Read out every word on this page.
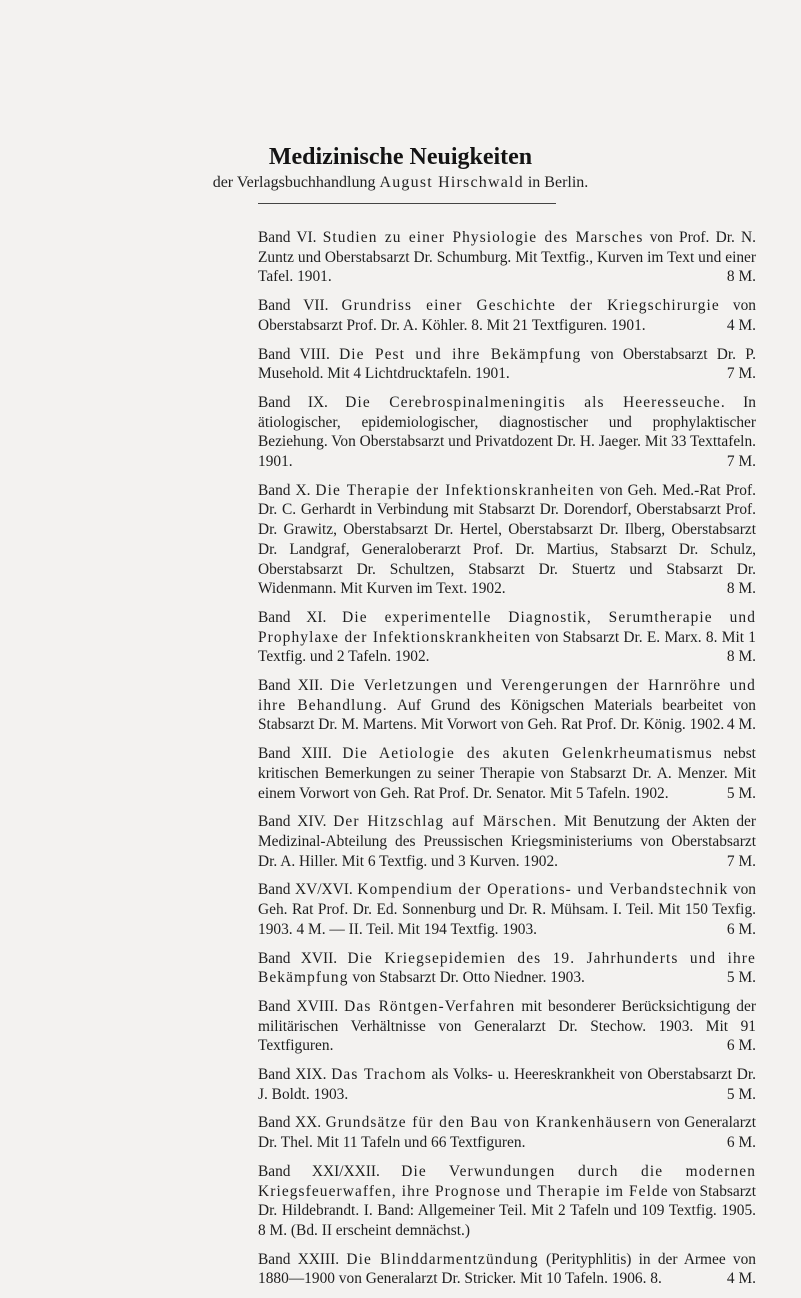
Medizinische Neuigkeiten
der Verlagsbuchhandlung August Hirschwald in Berlin.

Band VI. Studien zu einer Physiologie des Marsches von Prof. Dr. N. Zuntz und Oberstabsarzt Dr. Schumburg. Mit Textfig., Kurven im Text und einer Tafel. 1901.	8 M.

Band VII. Grundriss einer Geschichte der Kriegschirurgie von Oberstabsarzt Prof. Dr. A. Köhler. 8. Mit 21 Textfiguren. 1901.	4 M.

Band VIII. Die Pest und ihre Bekämpfung von Oberstabsarzt Dr. P. Musehold. Mit 4 Lichtdrucktafeln. 1901.	7 M.

Band IX. Die Cerebrospinalmeningitis als Heeresseuche. In ätiologischer, epidemiologischer, diagnostischer und prophylaktischer Beziehung. Von Oberstabsarzt und Privatdozent Dr. H. Jaeger. Mit 33 Texttafeln. 1901.	7 M.

Band X. Die Therapie der Infektionskranheiten von Geh. Med.-Rat Prof. Dr. C. Gerhardt in Verbindung mit Stabsarzt Dr. Dorendorf, Oberstabsarzt Prof. Dr. Grawitz, Oberstabsarzt Dr. Hertel, Oberstabsarzt Dr. Ilberg, Oberstabsarzt Dr. Landgraf, Generaloberarzt Prof. Dr. Martius, Stabsarzt Dr. Schulz, Oberstabsarzt Dr. Schultzen, Stabsarzt Dr. Stuertz und Stabsarzt Dr. Widenmann. Mit Kurven im Text. 1902.	8 M.

Band XI. Die experimentelle Diagnostik, Serumtherapie und Prophylaxe der Infektionskrankheiten von Stabsarzt Dr. E. Marx. 8. Mit 1 Textfig. und 2 Tafeln. 1902.	8 M.

Band XII. Die Verletzungen und Verengerungen der Harnröhre und ihre Behandlung. Auf Grund des Königschen Materials bearbeitet von Stabsarzt Dr. M. Martens. Mit Vorwort von Geh. Rat Prof. Dr. König. 1902. 4 M.

Band XIII. Die Aetiologie des akuten Gelenkrheumatismus nebst kritischen Bemerkungen zu seiner Therapie von Stabsarzt Dr. A. Menzer. Mit einem Vorwort von Geh. Rat Prof. Dr. Senator. Mit 5 Tafeln. 1902.	5 M.

Band XIV. Der Hitzschlag auf Märschen. Mit Benutzung der Akten der Medizinal-Abteilung des Preussischen Kriegsministeriums von Oberstabsarzt Dr. A. Hiller. Mit 6 Textfig. und 3 Kurven. 1902.	7 M.

Band XV/XVI. Kompendium der Operations- und Verbandstechnik von Geh. Rat Prof. Dr. Ed. Sonnenburg und Dr. R. Mühsam. I. Teil. Mit 150 Texfig. 1903. 4 M. — II. Teil. Mit 194 Textfig. 1903.	6 M.

Band XVII. Die Kriegsepidemien des 19. Jahrhunderts und ihre Bekämpfung von Stabsarzt Dr. Otto Niedner. 1903.	5 M.

Band XVIII. Das Röntgen-Verfahren mit besonderer Berücksichtigung der militärischen Verhältnisse von Generalarzt Dr. Stechow. 1903. Mit 91 Textfiguren.	6 M.

Band XIX. Das Trachom als Volks- u. Heereskrankheit von Oberstabsarzt Dr. J. Boldt. 1903.	5 M.

Band XX. Grundsätze für den Bau von Krankenhäusern von Generalarzt Dr. Thel. Mit 11 Tafeln und 66 Textfiguren.	6 M.

Band XXI/XXII. Die Verwundungen durch die modernen Kriegsfeuerwaffen, ihre Prognose und Therapie im Felde von Stabsarzt Dr. Hildebrandt. I. Band: Allgemeiner Teil. Mit 2 Tafeln und 109 Textfig. 1905. 8 M. (Bd. II erscheint demnächst.)

Band XXIII. Die Blinddarmentzündung (Perityphlitis) in der Armee von 1880—1900 von Generalarzt Dr. Stricker. Mit 10 Tafeln. 1906. 8.	4 M.
